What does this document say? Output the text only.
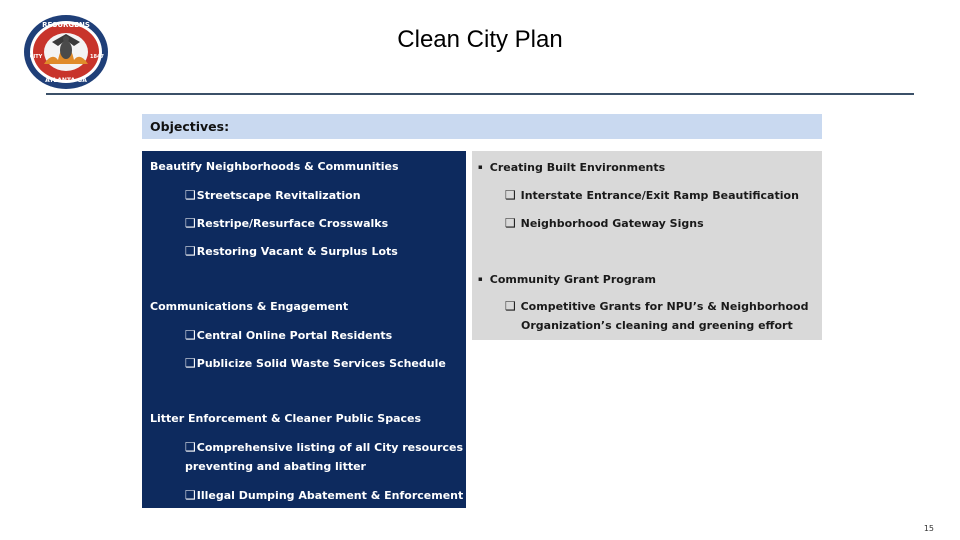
RESURGENS
ATLANTA GA
CITY	1847
Clean City Plan
Objectives:
Beautify Neighborhoods & Communities
❑Streetscape Revitalization
❑Restripe/Resurface Crosswalks
❑Restoring Vacant & Surplus Lots
Communications & Engagement
❑Central Online Portal Residents
❑Publicize Solid Waste Services Schedule
Litter Enforcement & Cleaner Public Spaces
❑Comprehensive listing of all City resources for
preventing and abating litter
❑Illegal Dumping Abatement & Enforcement
▪ Creating Built Environments
❑ Interstate Entrance/Exit Ramp Beautification
❑ Neighborhood Gateway Signs
▪ Community Grant Program
❑ Competitive Grants for NPU’s & Neighborhood
Organization’s cleaning and greening effort
15
